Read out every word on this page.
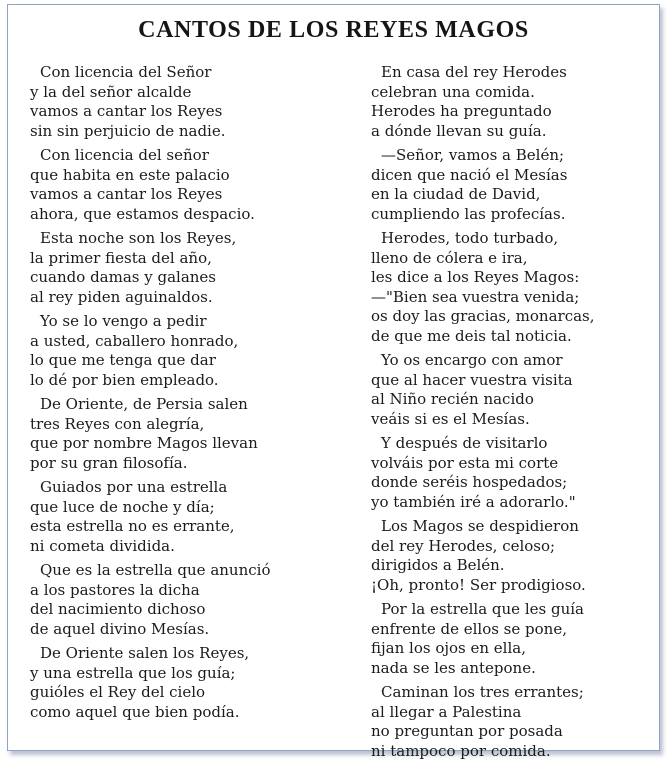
CANTOS DE LOS REYES MAGOS
Con licencia del Señor
y la del señor alcalde
vamos a cantar los Reyes
sin sin perjuicio de nadie.
Con licencia del señor
que habita en este palacio
vamos a cantar los Reyes
ahora, que estamos despacio.
Esta noche son los Reyes,
la primer fiesta del año,
cuando damas y galanes
al rey piden aguinaldos.
Yo se lo vengo a pedir
a usted, caballero honrado,
lo que me tenga que dar
lo dé por bien empleado.
De Oriente, de Persia salen
tres Reyes con alegría,
que por nombre Magos llevan
por su gran filosofía.
Guiados por una estrella
que luce de noche y día;
esta estrella no es errante,
ni cometa dividida.
Que es la estrella que anunció
a los pastores la dicha
del nacimiento dichoso
de aquel divino Mesías.
De Oriente salen los Reyes,
y una estrella que los guía;
guióles el Rey del cielo
como aquel que bien podía.
En casa del rey Herodes
celebran una comida.
Herodes ha preguntado
a dónde llevan su guía.
—Señor, vamos a Belén;
dicen que nació el Mesías
en la ciudad de David,
cumpliendo las profecías.
Herodes, todo turbado,
lleno de cólera e ira,
les dice a los Reyes Magos:
—"Bien sea vuestra venida;
os doy las gracias, monarcas,
de que me deis tal noticia.
Yo os encargo con amor
que al hacer vuestra visita
al Niño recién nacido
veáis si es el Mesías.
Y después de visitarlo
volváis por esta mi corte
donde seréis hospedados;
yo también iré a adorarlo."
Los Magos se despidieron
del rey Herodes, celoso;
dirigidos a Belén.
¡Oh, pronto! Ser prodigioso.
Por la estrella que les guía
enfrente de ellos se pone,
fijan los ojos en ella,
nada se les antepone.
Caminan los tres errantes;
al llegar a Palestina
no preguntan por posada
ni tampoco por comida.
